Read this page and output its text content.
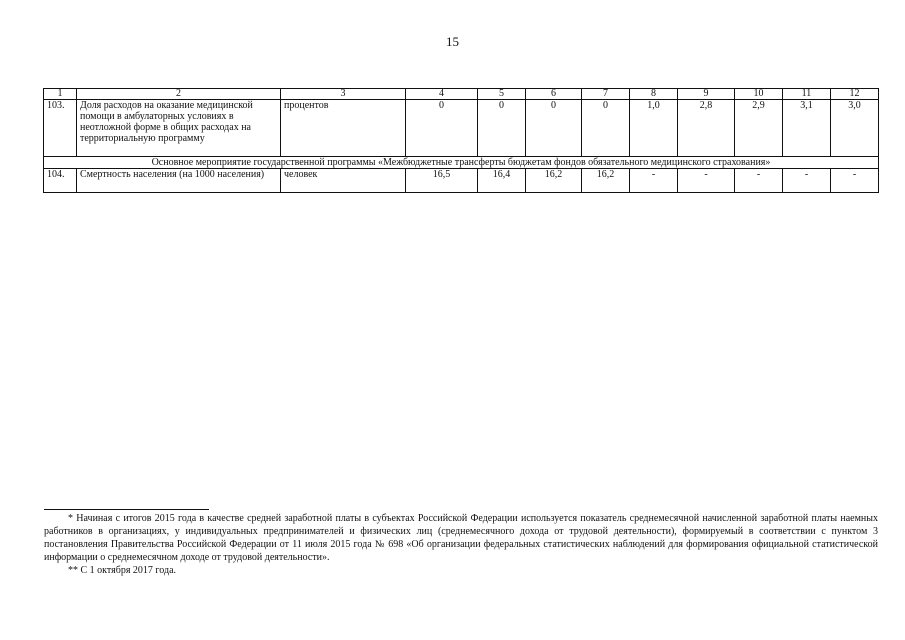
15
1	2	3	4	5	6	7	8	9	10	11	12
103.	Доля расходов на оказание медицинской помощи в амбулаторных условиях в неотложной форме в общих расходах на территориальную программу	процентов	0	0	0	0	1,0	2,8	2,9	3,1	3,0
Основное мероприятие государственной программы «Межбюджетные трансферты бюджетам фондов обязательного медицинского страхования»											
104.	Смертность населения (на 1000 населения)	человек	16,5	16,4	16,2	16,2	-	-	-	-	-

* Начиная с итогов 2015 года в качестве средней заработной платы в субъектах Российской Федерации используется показатель среднемесячной начисленной заработной платы наемных работников в организациях, у индивидуальных предпринимателей и физических лиц (среднемесячного дохода от трудовой деятельности), формируемый в соответствии с пунктом 3 постановления Правительства Российской Федерации от 11 июля 2015 года № 698 «Об организации федеральных статистических наблюдений для формирования официальной статистической информации о среднемесячном доходе от трудовой деятельности».

** С 1 октября 2017 года.
